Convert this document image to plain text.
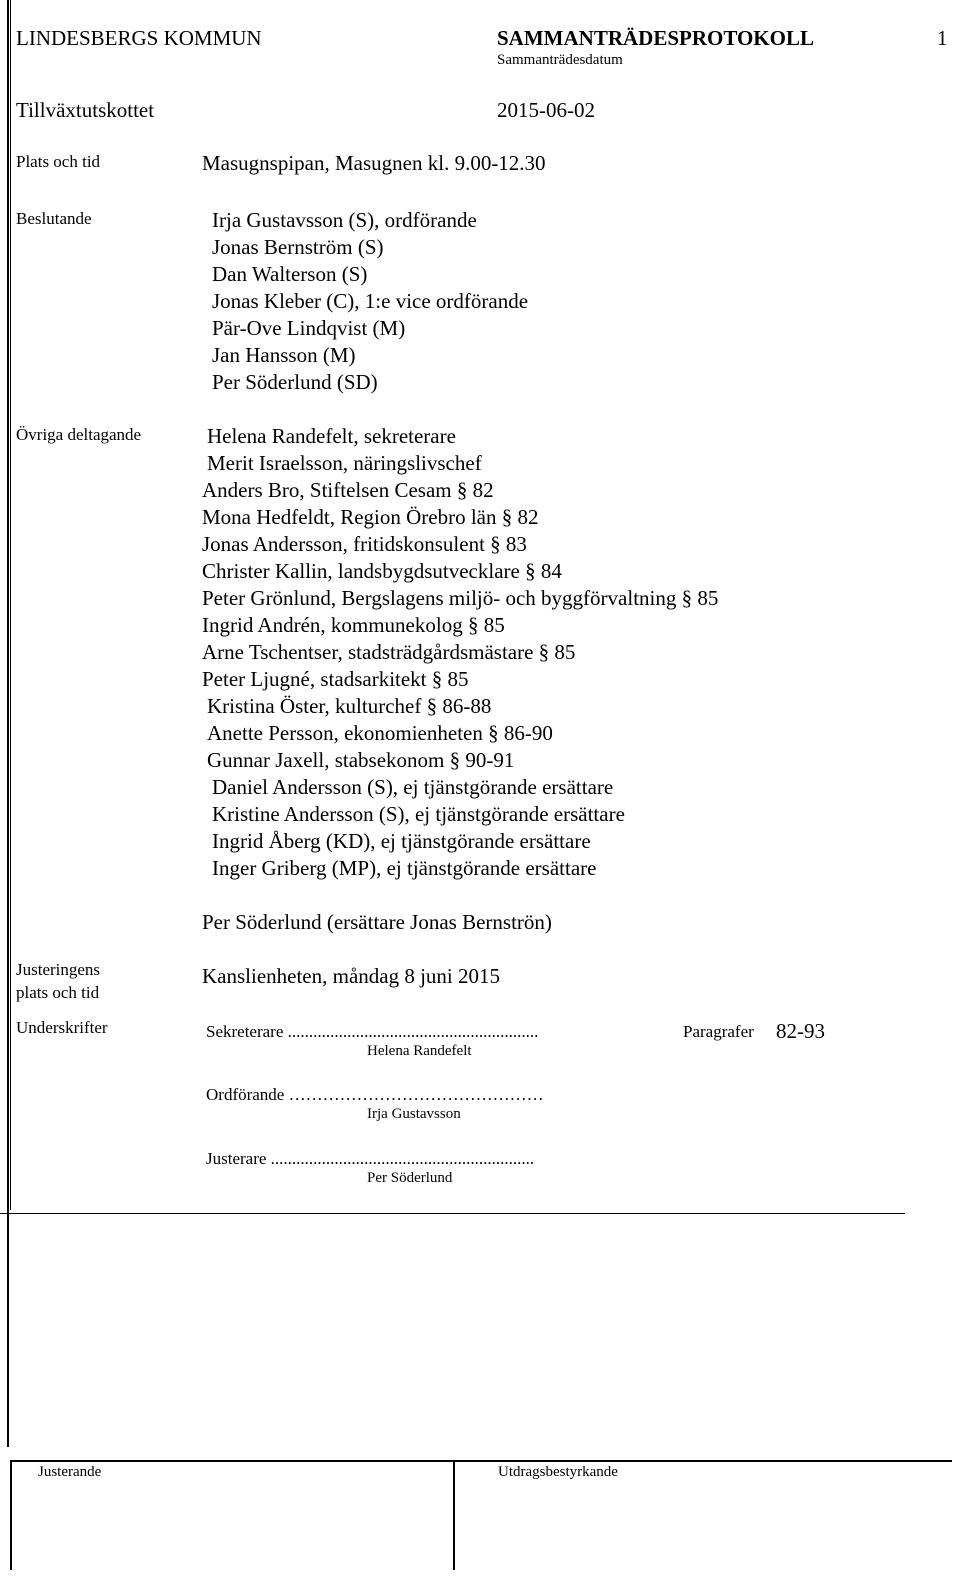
LINDESBERGS KOMMUN	SAMMANTRÄDESPROTOKOLL	1
Sammanträdesdatum
Tillväxtutskottet	2015-06-02
Plats och tid	Masugnspipan, Masugnen kl. 9.00-12.30
Beslutande	Irja Gustavsson (S), ordförande
Jonas Bernström (S)
Dan Walterson (S)
Jonas Kleber (C), 1:e vice ordförande
Pär-Ove Lindqvist (M)
Jan Hansson (M)
Per Söderlund (SD)
Övriga deltagande	Helena Randefelt, sekreterare
Merit Israelsson, näringslivschef
Anders Bro, Stiftelsen Cesam § 82
Mona Hedfeldt, Region Örebro län § 82
Jonas Andersson, fritidskonsulent § 83
Christer Kallin, landsbygdsutvecklare § 84
Peter Grönlund, Bergslagens miljö- och byggförvaltning § 85
Ingrid Andrén, kommunekolog § 85
Arne Tschentser, stadsträdgårdsmästare § 85
Peter Ljugné, stadsarkitekt § 85
Kristina Öster, kulturchef § 86-88
Anette Persson, ekonomienheten § 86-90
Gunnar Jaxell, stabsekonom § 90-91
Daniel Andersson (S), ej tjänstgörande ersättare
Kristine Andersson (S), ej tjänstgörande ersättare
Ingrid Åberg (KD), ej tjänstgörande ersättare
Inger Griberg (MP), ej tjänstgörande ersättare
Per Söderlund (ersättare Jonas Bernströn)
Justeringens
plats och tid
Kanslienheten, måndag 8 juni 2015
Underskrifter	Sekreterare ...........................................................
Helena Randefelt
Paragrafer 82-93
Ordförande ………………………………………
Irja Gustavsson
Justerare ..............................................................
Per Söderlund
Justerande	Utdragsbestyrkande
